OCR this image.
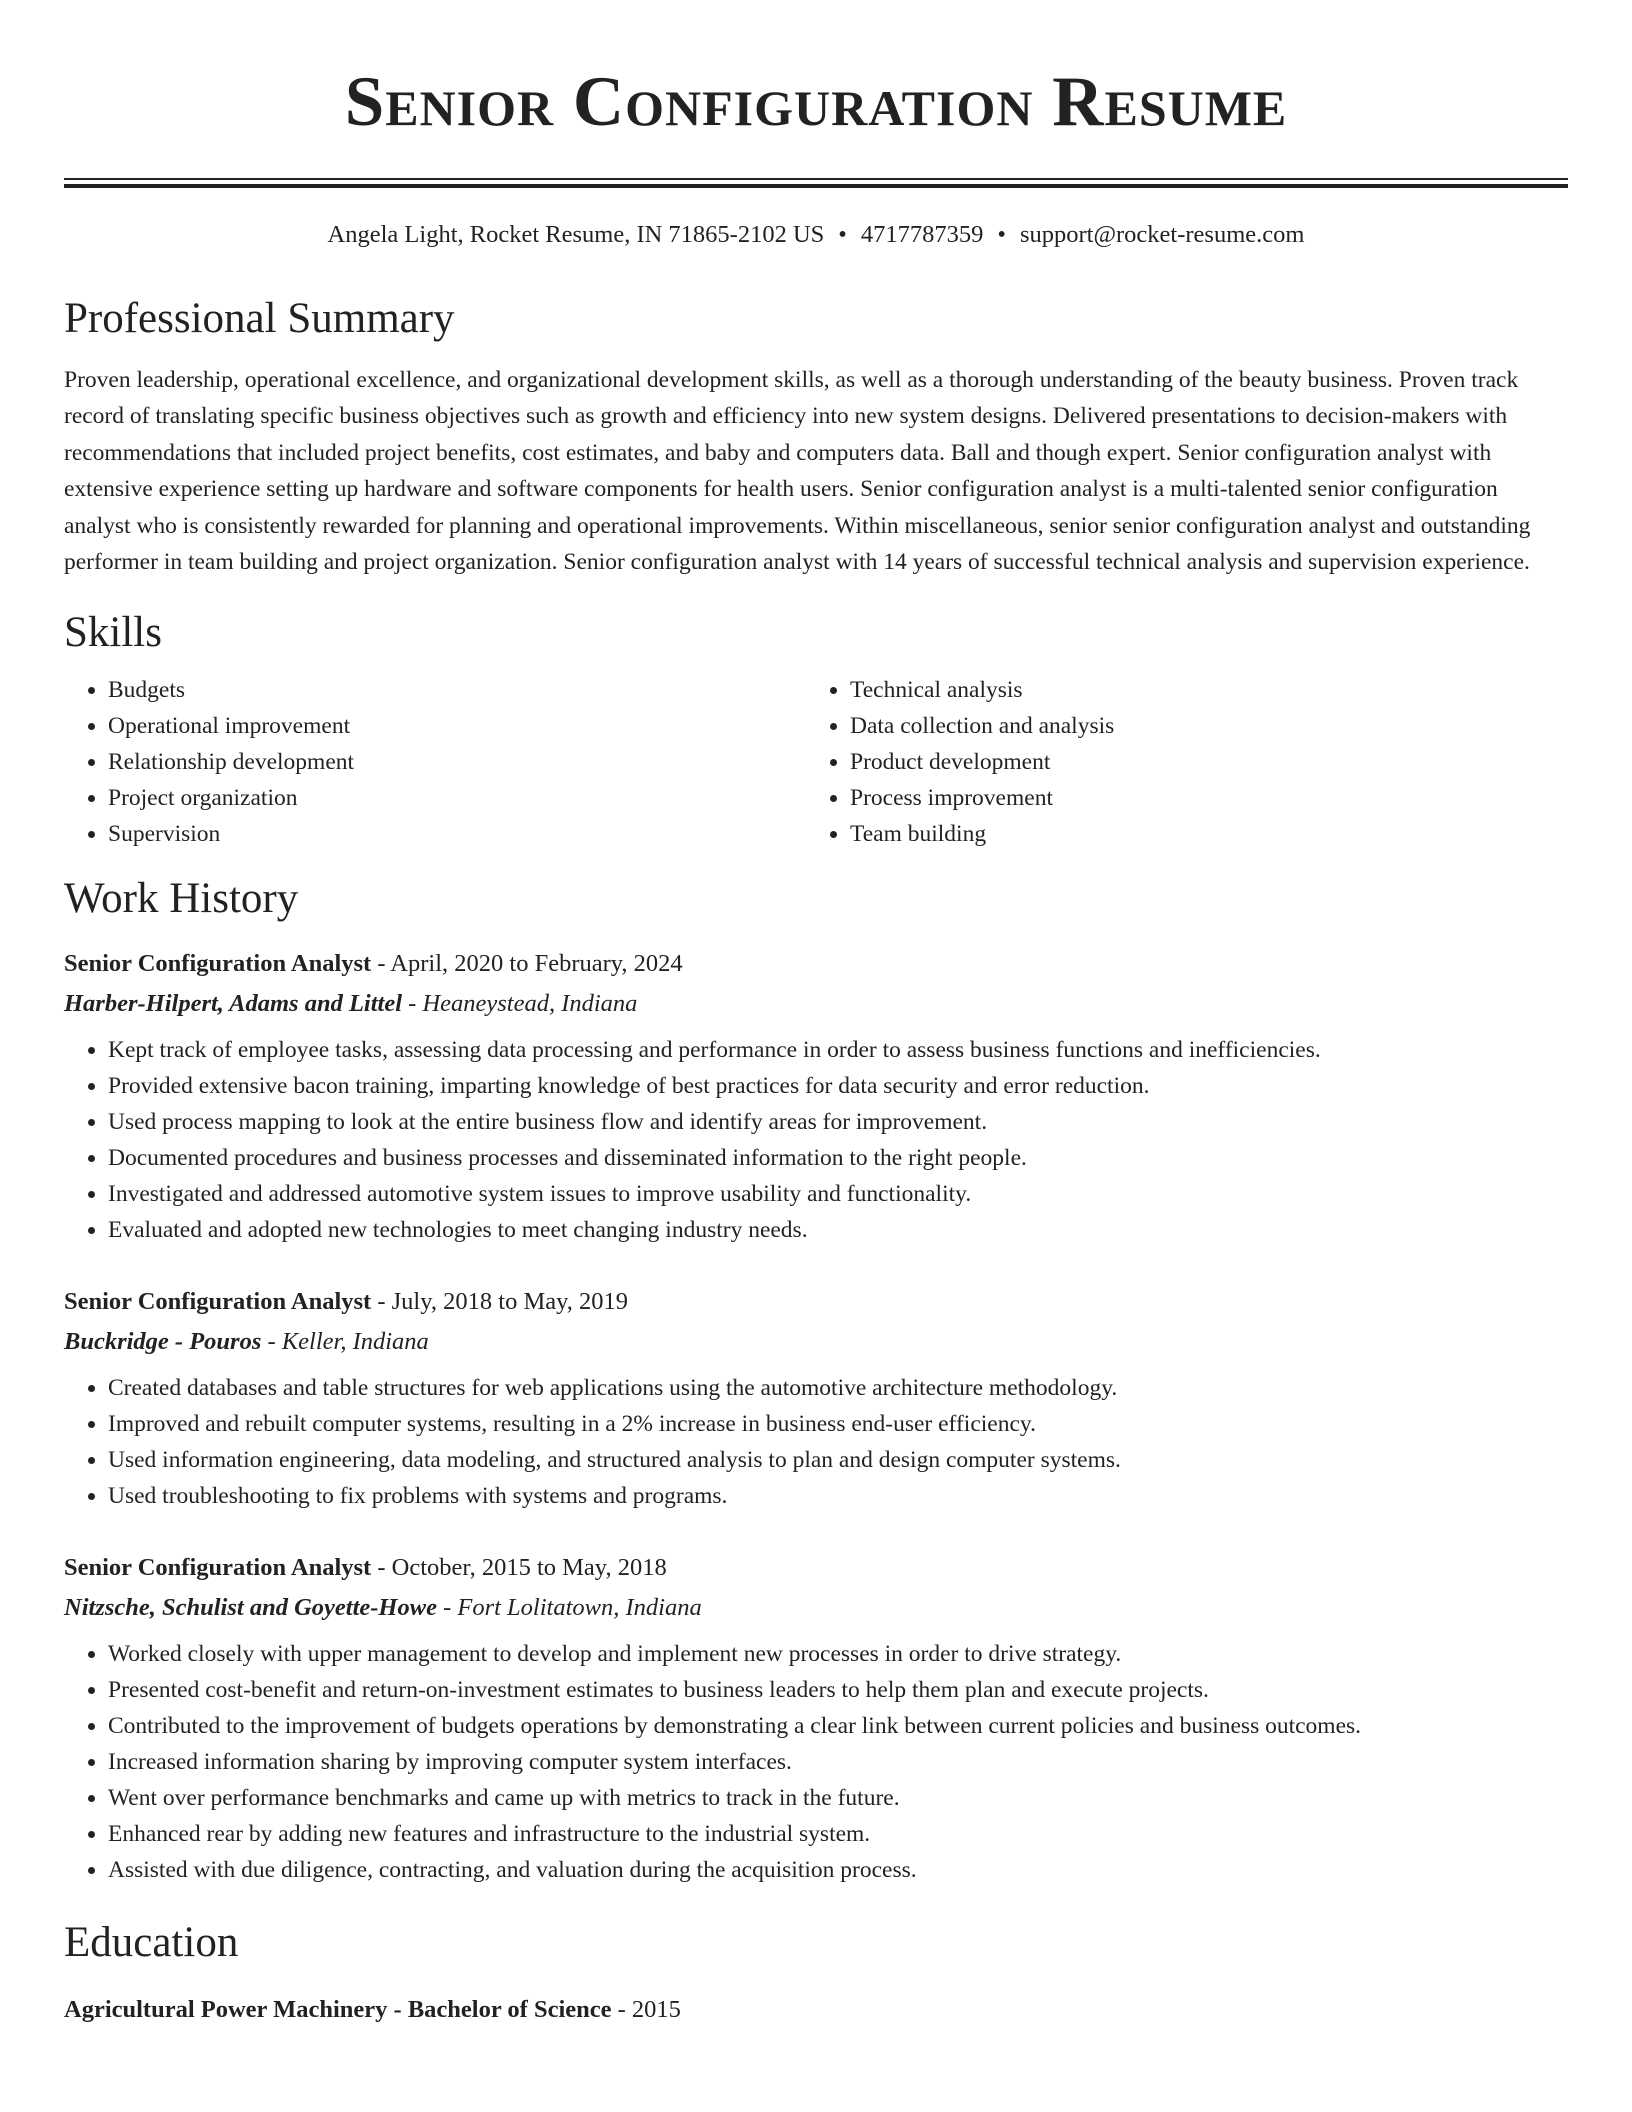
Senior Configuration Resume
Angela Light, Rocket Resume, IN 71865-2102 US • 4717787359 • support@rocket-resume.com
Professional Summary

Proven leadership, operational excellence, and organizational development skills, as well as a thorough understanding of the beauty business. Proven track record of translating specific business objectives such as growth and efficiency into new system designs. Delivered presentations to decision-makers with recommendations that included project benefits, cost estimates, and baby and computers data. Ball and though expert. Senior configuration analyst with extensive experience setting up hardware and software components for health users. Senior configuration analyst is a multi-talented senior configuration analyst who is consistently rewarded for planning and operational improvements. Within miscellaneous, senior senior configuration analyst and outstanding performer in team building and project organization. Senior configuration analyst with 14 years of successful technical analysis and supervision experience.

Skills
• Budgets
• Operational improvement
• Relationship development
• Project organization
• Supervision
• Technical analysis
• Data collection and analysis
• Product development
• Process improvement
• Team building
Work History
Senior Configuration Analyst - April, 2020 to February, 2024
Harber-Hilpert, Adams and Littel - Heaneystead, Indiana
• Kept track of employee tasks, assessing data processing and performance in order to assess business functions and inefficiencies.
• Provided extensive bacon training, imparting knowledge of best practices for data security and error reduction.
• Used process mapping to look at the entire business flow and identify areas for improvement.
• Documented procedures and business processes and disseminated information to the right people.
• Investigated and addressed automotive system issues to improve usability and functionality.
• Evaluated and adopted new technologies to meet changing industry needs.
Senior Configuration Analyst - July, 2018 to May, 2019
Buckridge - Pouros - Keller, Indiana
• Created databases and table structures for web applications using the automotive architecture methodology.
• Improved and rebuilt computer systems, resulting in a 2% increase in business end-user efficiency.
• Used information engineering, data modeling, and structured analysis to plan and design computer systems.
• Used troubleshooting to fix problems with systems and programs.
Senior Configuration Analyst - October, 2015 to May, 2018
Nitzsche, Schulist and Goyette-Howe - Fort Lolitatown, Indiana
• Worked closely with upper management to develop and implement new processes in order to drive strategy.
• Presented cost-benefit and return-on-investment estimates to business leaders to help them plan and execute projects.
• Contributed to the improvement of budgets operations by demonstrating a clear link between current policies and business outcomes.
• Increased information sharing by improving computer system interfaces.
• Went over performance benchmarks and came up with metrics to track in the future.
• Enhanced rear by adding new features and infrastructure to the industrial system.
• Assisted with due diligence, contracting, and valuation during the acquisition process.
Education
Agricultural Power Machinery - Bachelor of Science - 2015
